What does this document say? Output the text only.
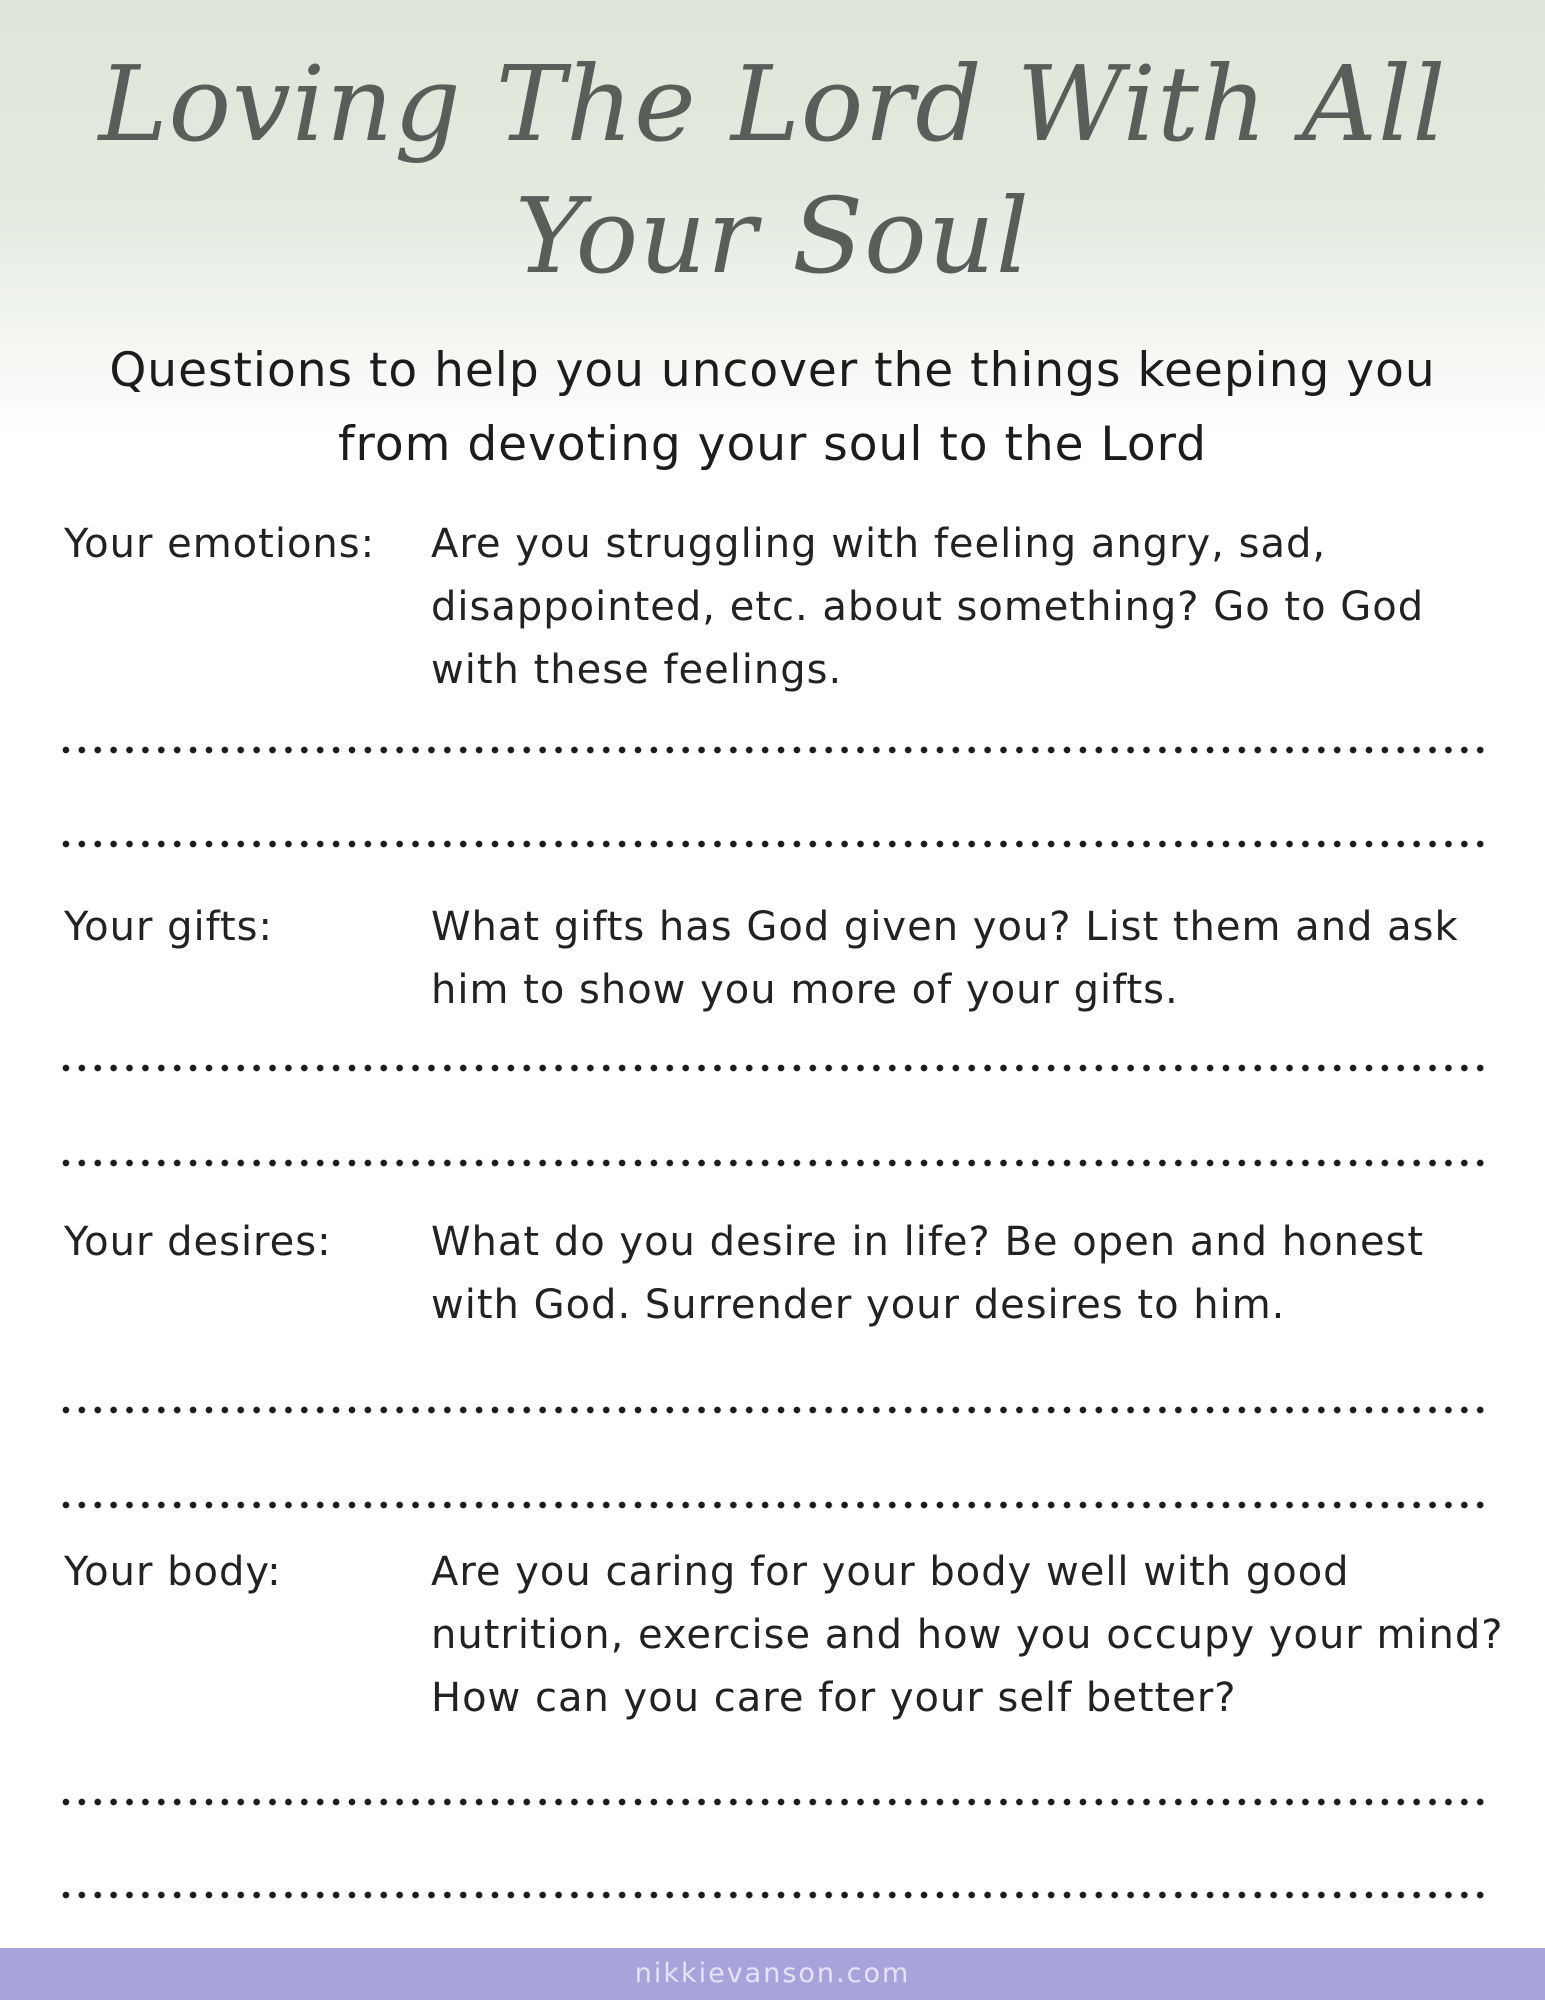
Loving The Lord With All
Your Soul
Questions to help you uncover the things keeping you
from devoting your soul to the Lord
Your emotions: Are you struggling with feeling angry, sad, disappointed, etc. about something? Go to God with these feelings.
Your gifts:	What gifts has God given you? List them and ask him to show you more of your gifts.
Your desires: What do you desire in life? Be open and honest with God. Surrender your desires to him.
Your body:	Are you caring for your body well with good nutrition, exercise and how you occupy your mind? How can you care for your self better?
nikkievanson.com
